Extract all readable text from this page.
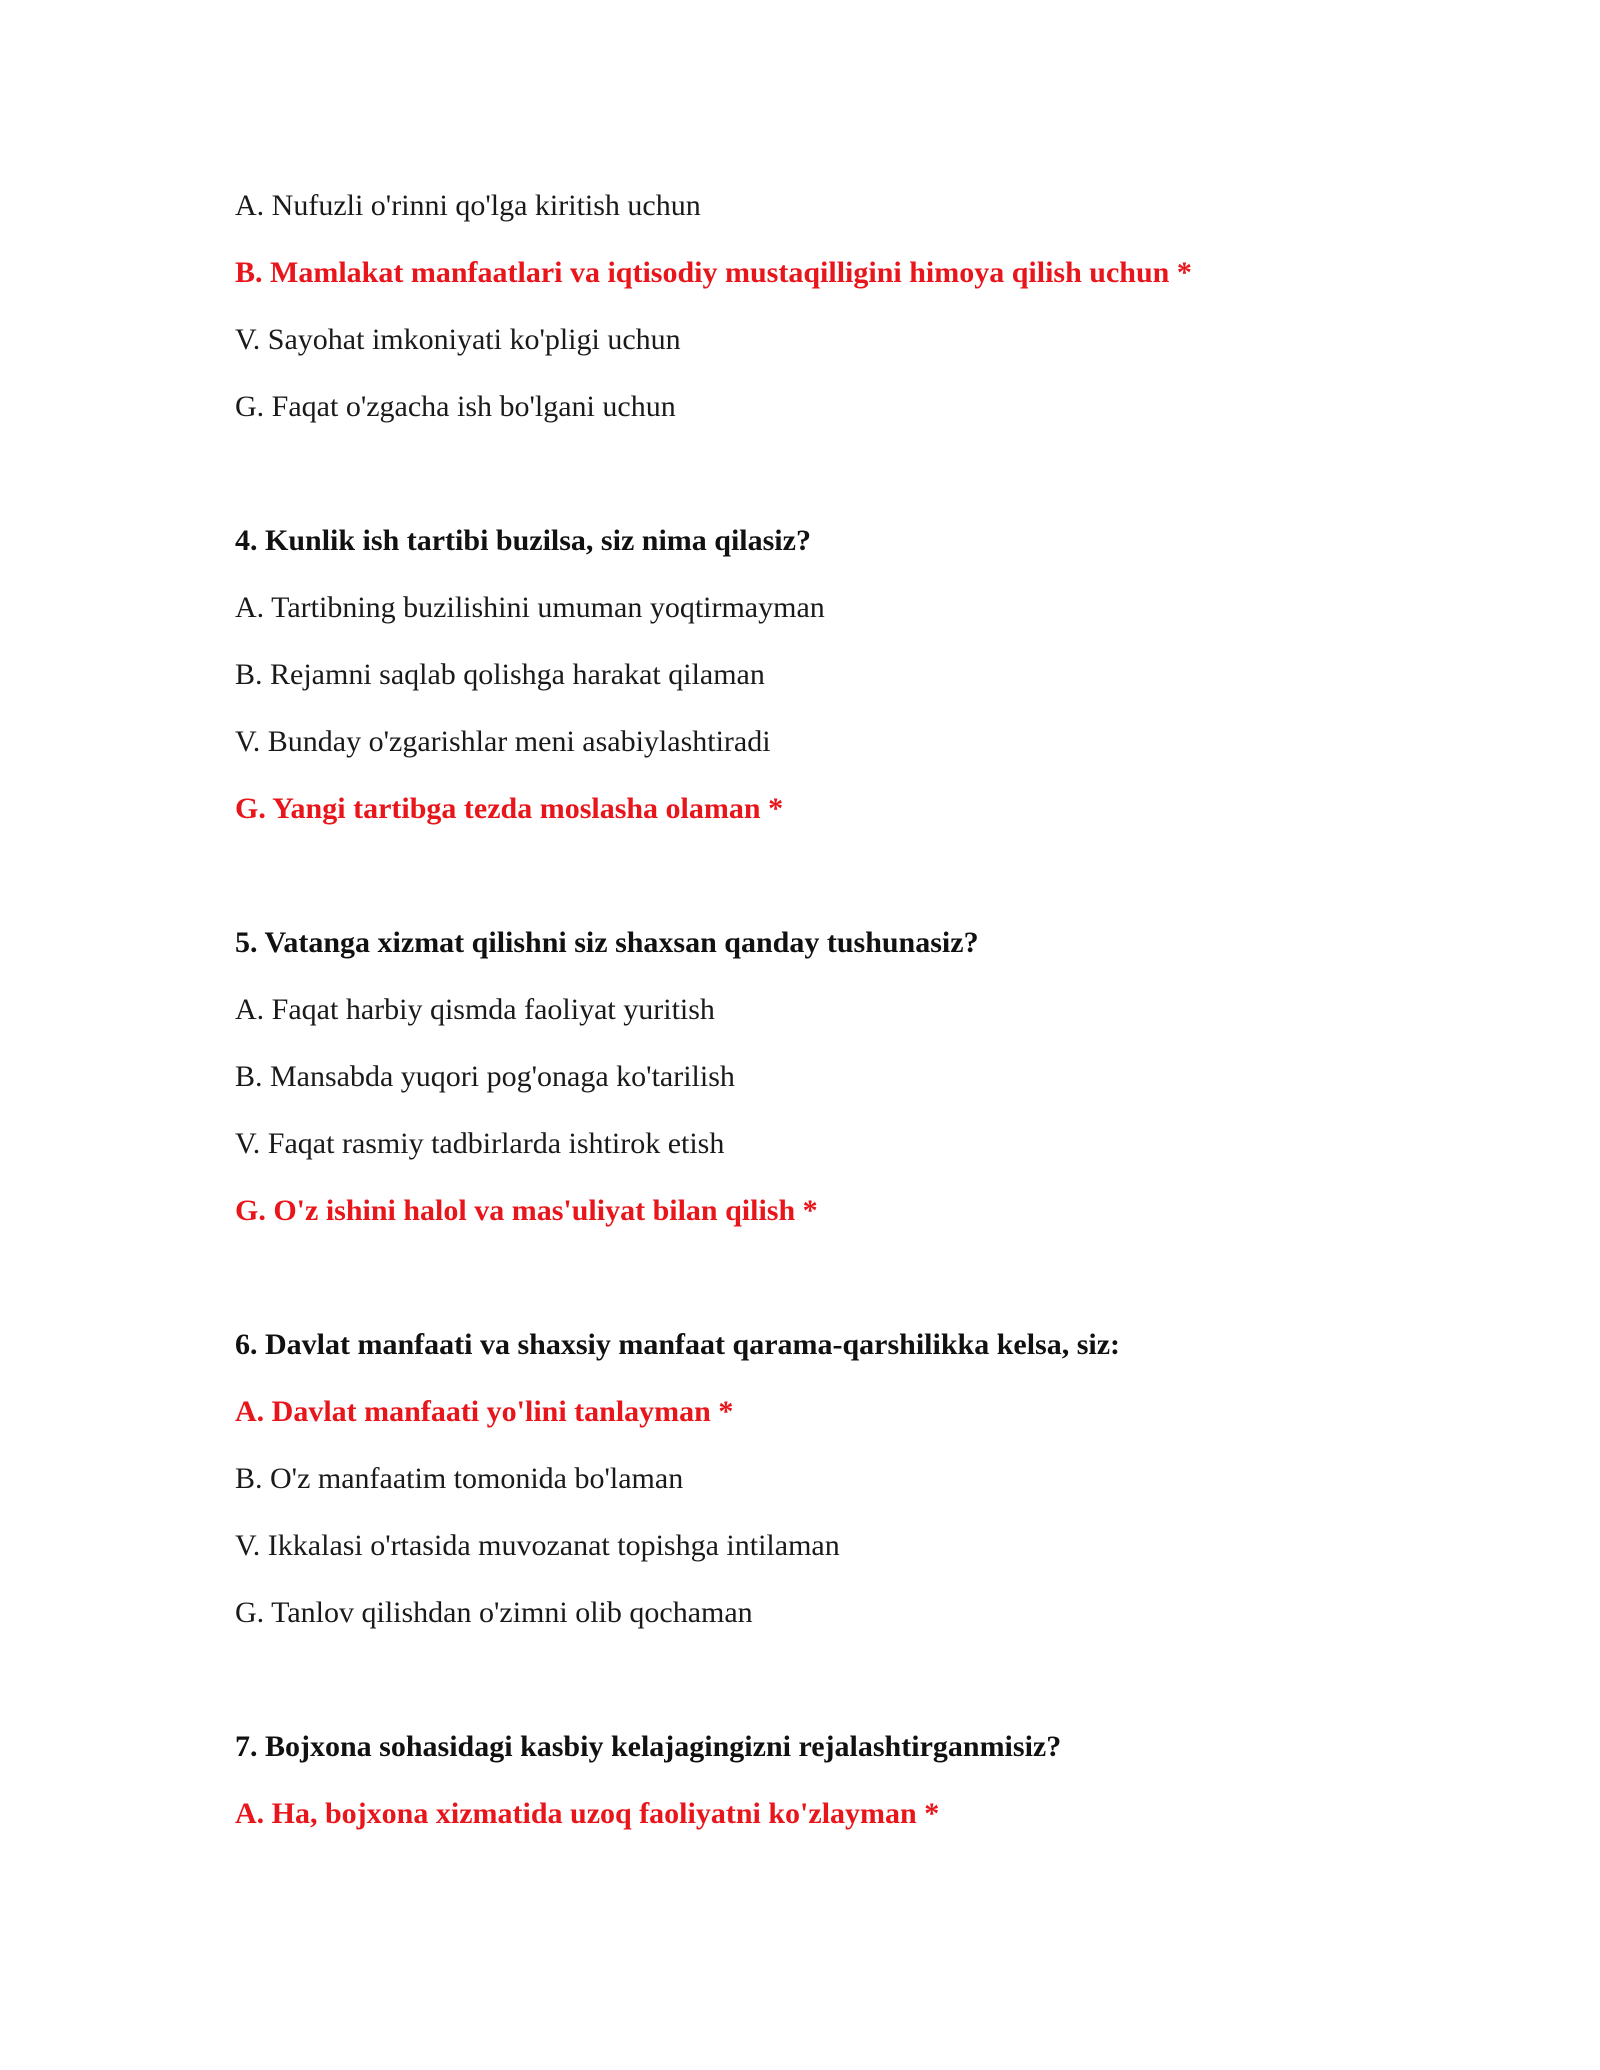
A. Nufuzli o'rinni qo'lga kiritish uchun
B. Mamlakat manfaatlari va iqtisodiy mustaqilligini himoya qilish uchun *
V. Sayohat imkoniyati ko'pligi uchun
G. Faqat o'zgacha ish bo'lgani uchun
4. Kunlik ish tartibi buzilsa, siz nima qilasiz?
A. Tartibning buzilishini umuman yoqtirmayman
B. Rejamni saqlab qolishga harakat qilaman
V. Bunday o'zgarishlar meni asabiylashtiradi
G. Yangi tartibga tezda moslasha olaman *
5. Vatanga xizmat qilishni siz shaxsan qanday tushunasiz?
A. Faqat harbiy qismda faoliyat yuritish
B. Mansabda yuqori pog'onaga ko'tarilish
V. Faqat rasmiy tadbirlarda ishtirok etish
G. O'z ishini halol va mas'uliyat bilan qilish *
6. Davlat manfaati va shaxsiy manfaat qarama-qarshilikka kelsa, siz:
A. Davlat manfaati yo'lini tanlayman *
B. O'z manfaatim tomonida bo'laman
V. Ikkalasi o'rtasida muvozanat topishga intilaman
G. Tanlov qilishdan o'zimni olib qochaman
7. Bojxona sohasidagi kasbiy kelajagingizni rejalashtirganmisiz?
A. Ha, bojxona xizmatida uzoq faoliyatni ko'zlayman *
